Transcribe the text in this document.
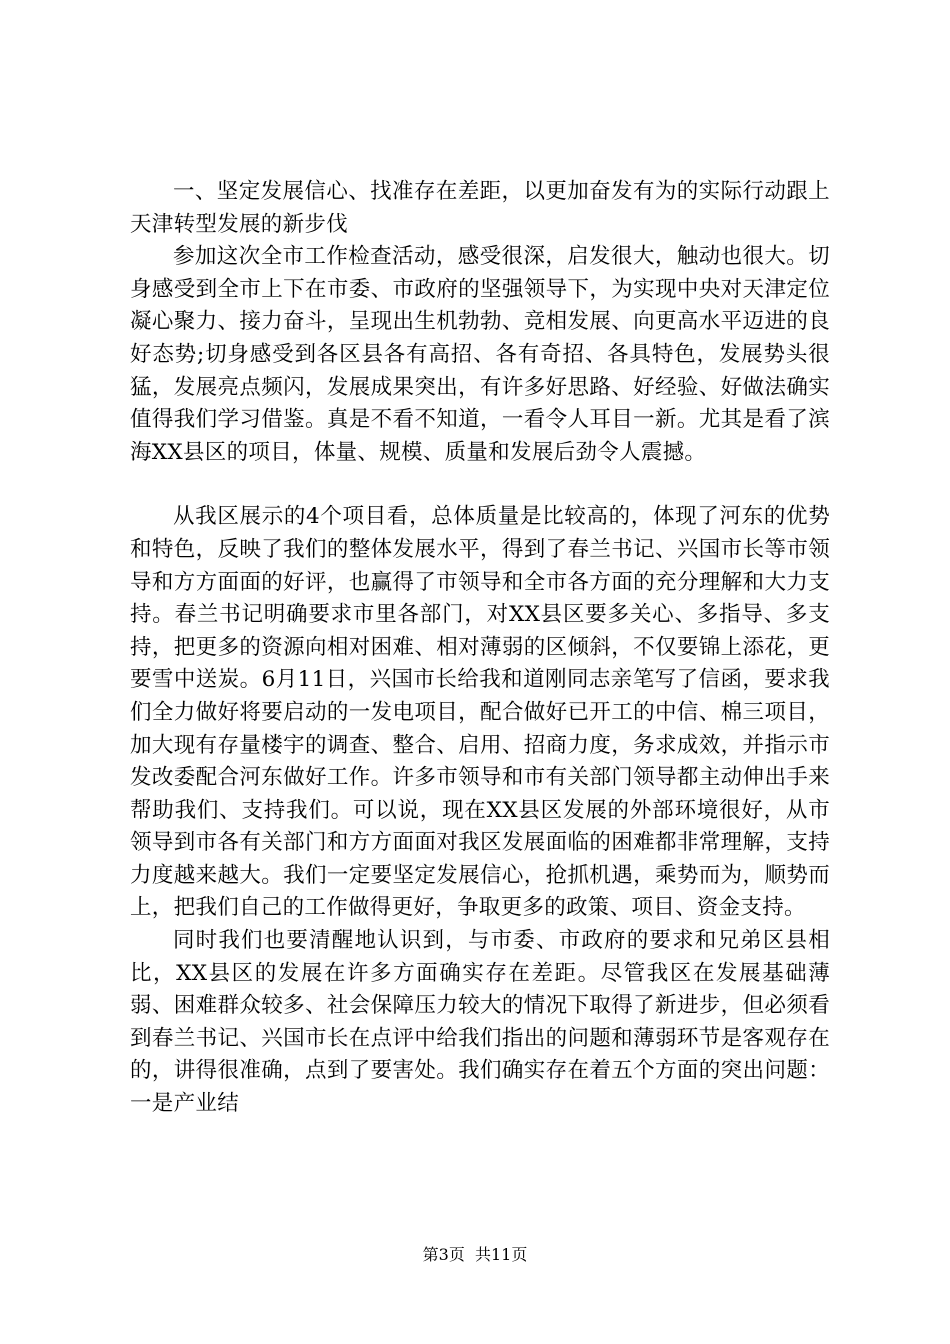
一、坚定发展信心、找准存在差距，以更加奋发有为的实际行动跟上天津转型发展的新步伐

参加这次全市工作检查活动，感受很深，启发很大，触动也很大。切身感受到全市上下在市委、市政府的坚强领导下，为实现中央对天津定位凝心聚力、接力奋斗，呈现出生机勃勃、竞相发展、向更高水平迈进的良好态势;切身感受到各区县各有高招、各有奇招、各具特色，发展势头很猛，发展亮点频闪，发展成果突出，有许多好思路、好经验、好做法确实值得我们学习借鉴。真是不看不知道，一看令人耳目一新。尤其是看了滨海XX县区的项目，体量、规模、质量和发展后劲令人震撼。

从我区展示的4个项目看，总体质量是比较高的，体现了河东的优势和特色，反映了我们的整体发展水平，得到了春兰书记、兴国市长等市领导和方方面面的好评，也赢得了市领导和全市各方面的充分理解和大力支持。春兰书记明确要求市里各部门，对XX县区要多关心、多指导、多支持，把更多的资源向相对困难、相对薄弱的区倾斜，不仅要锦上添花，更要雪中送炭。6月11日，兴国市长给我和道刚同志亲笔写了信函，要求我们全力做好将要启动的一发电项目，配合做好已开工的中信、棉三项目，加大现有存量楼宇的调查、整合、启用、招商力度，务求成效，并指示市发改委配合河东做好工作。许多市领导和市有关部门领导都主动伸出手来帮助我们、支持我们。可以说，现在XX县区发展的外部环境很好，从市领导到市各有关部门和方方面面对我区发展面临的困难都非常理解，支持力度越来越大。我们一定要坚定发展信心，抢抓机遇，乘势而为，顺势而上，把我们自己的工作做得更好，争取更多的政策、项目、资金支持。

同时我们也要清醒地认识到，与市委、市政府的要求和兄弟区县相比，XX县区的发展在许多方面确实存在差距。尽管我区在发展基础薄弱、困难群众较多、社会保障压力较大的情况下取得了新进步，但必须看到春兰书记、兴国市长在点评中给我们指出的问题和薄弱环节是客观存在的，讲得很准确，点到了要害处。我们确实存在着五个方面的突出问题：一是产业结

第3页  共11页
